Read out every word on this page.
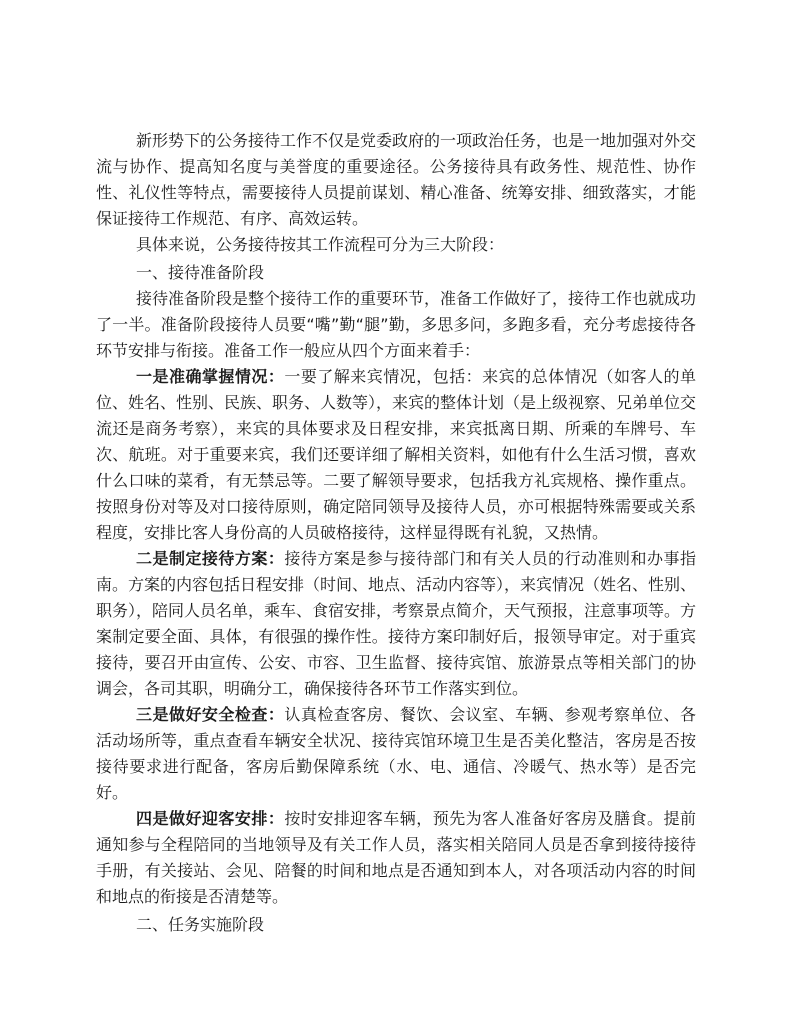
新形势下的公务接待工作不仅是党委政府的一项政治任务，也是一地加强对外交流与协作、提高知名度与美誉度的重要途径。公务接待具有政务性、规范性、协作性、礼仪性等特点，需要接待人员提前谋划、精心准备、统筹安排、细致落实，才能保证接待工作规范、有序、高效运转。

具体来说，公务接待按其工作流程可分为三大阶段：

一、接待准备阶段

接待准备阶段是整个接待工作的重要环节，准备工作做好了，接待工作也就成功了一半。准备阶段接待人员要“嘴”勤“腿”勤，多思多问，多跑多看，充分考虑接待各环节安排与衔接。准备工作一般应从四个方面来着手：

一是准确掌握情况：一要了解来宾情况，包括：来宾的总体情况（如客人的单位、姓名、性别、民族、职务、人数等），来宾的整体计划（是上级视察、兄弟单位交流还是商务考察），来宾的具体要求及日程安排，来宾抵离日期、所乘的车牌号、车次、航班。对于重要来宾，我们还要详细了解相关资料，如他有什么生活习惯，喜欢什么口味的菜肴，有无禁忌等。二要了解领导要求，包括我方礼宾规格、操作重点。按照身份对等及对口接待原则，确定陪同领导及接待人员，亦可根据特殊需要或关系程度，安排比客人身份高的人员破格接待，这样显得既有礼貌，又热情。

二是制定接待方案：接待方案是参与接待部门和有关人员的行动准则和办事指南。方案的内容包括日程安排（时间、地点、活动内容等），来宾情况（姓名、性别、职务），陪同人员名单，乘车、食宿安排，考察景点简介，天气预报，注意事项等。方案制定要全面、具体，有很强的操作性。接待方案印制好后，报领导审定。对于重宾接待，要召开由宣传、公安、市容、卫生监督、接待宾馆、旅游景点等相关部门的协调会，各司其职，明确分工，确保接待各环节工作落实到位。

三是做好安全检查：认真检查客房、餐饮、会议室、车辆、参观考察单位、各活动场所等，重点查看车辆安全状况、接待宾馆环境卫生是否美化整洁，客房是否按接待要求进行配备，客房后勤保障系统（水、电、通信、冷暖气、热水等）是否完好。

四是做好迎客安排：按时安排迎客车辆，预先为客人准备好客房及膳食。提前通知参与全程陪同的当地领导及有关工作人员，落实相关陪同人员是否拿到接待接待手册，有关接站、会见、陪餐的时间和地点是否通知到本人，对各项活动内容的时间和地点的衔接是否清楚等。

二、任务实施阶段
